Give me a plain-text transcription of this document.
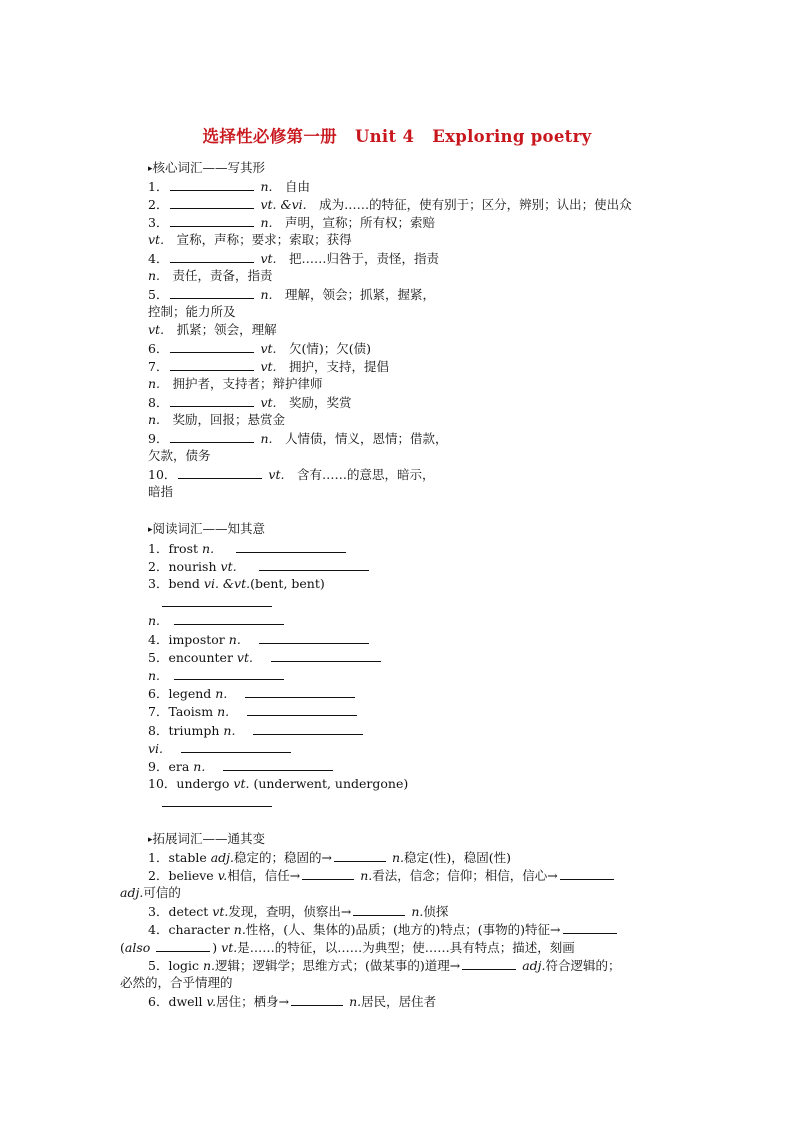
选择性必修第一册 Unit 4 Exploring poetry
▸核心词汇——写其形
1．	n.　 自由
2．	vt. &vi.　 成为……的特征，使有别于；区分，辨别；认出；使出众
3．	n.　 声明，宣称；所有权；索赔
vt.　 宣称，声称；要求；索取；获得
4．	vt.　 把……归咎于，责怪，指责
n.　 责任，责备，指责
5．	n.　 理解，领会；抓紧，握紧，
控制；能力所及
vt.　 抓紧；领会，理解
6．	vt.　 欠(情)；欠(债)
7．	vt.　 拥护，支持，提倡
n.　 拥护者，支持者；辩护律师
8．	vt.　 奖励，奖赏
n.　 奖励，回报；悬赏金
9．	n.　 人情债，情义，恩情；借款，
欠款，债务
10．	vt.　 含有……的意思，暗示，
暗指
▸阅读词汇——知其意
1．frost n.
2．nourish vt.
3．bend vi. &vt.(bent, bent)
n.
4．impostor n.
5．encounter vt.
n.
6．legend n.
7．Taoism n.
8．triumph n.
vi.
9．era n.
10．undergo vt. (underwent, undergone)
▸拓展词汇——通其变
1．stable adj.稳定的；稳固的→	n.稳定(性)，稳固(性)
2．believe v.相信，信任→	n.看法，信念；信仰；相信，信心→
adj.可信的
3．detect vt.发现，查明，侦察出→	n.侦探
4．character n.性格，(人、集体的)品质；(地方的)特点；(事物的)特征→
(also	) vt.是……的特征，以……为典型；使……具有特点；描述，刻画
5．logic n.逻辑；逻辑学；思维方式；(做某事的)道理→	adj.符合逻辑的；
必然的，合乎情理的
6．dwell v.居住；栖身→	n.居民，居住者
